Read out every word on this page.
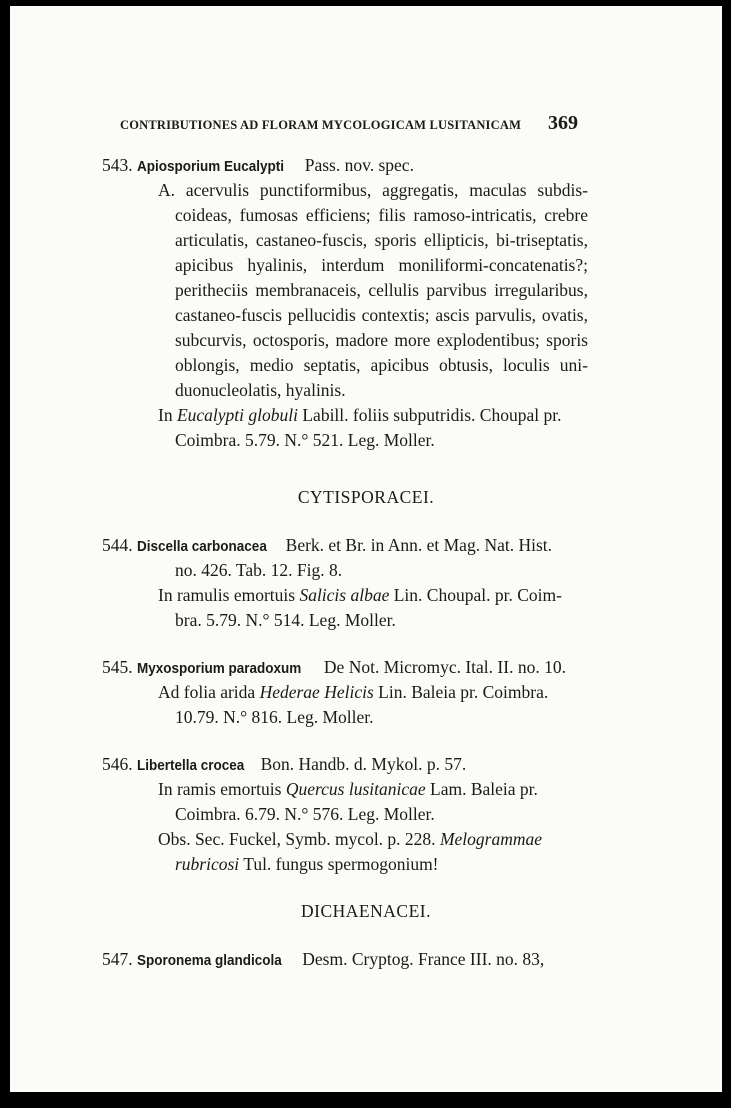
CONTRIBUTIONES AD FLORAM MYCOLOGICAM LUSITANICAM	369
543. Apiosporium Eucalypti Pass. nov. spec.
A. acervulis punctiformibus, aggregatis, maculas subdis-
coideas, fumosas efficiens; filis ramoso-intricatis, crebre
articulatis, castaneo-fuscis, sporis ellipticis, bi-triseptatis,
apicibus hyalinis, interdum moniliformi-concatenatis?;
peritheciis membranaceis, cellulis parvibus irregularibus,
castaneo-fuscis pellucidis contextis; ascis parvulis, ovatis,
subcurvis, octosporis, madore more explodentibus; sporis
oblongis, medio septatis, apicibus obtusis, loculis uni-
duonucleolatis, hyalinis.
In Eucalypti globuli Labill. foliis subputridis. Choupal pr.
Coimbra. 5.79. N.° 521. Leg. Moller.
CYTISPORACEI.
544. Discella carbonacea Berk. et Br. in Ann. et Mag. Nat. Hist.
no. 426. Tab. 12. Fig. 8.
In ramulis emortuis Salicis albae Lin. Choupal. pr. Coim-
bra. 5.79. N.° 514. Leg. Moller.
545. Myxosporium paradoxum De Not. Micromyc. Ital. II. no. 10.
Ad folia arida Hederae Helicis Lin. Baleia pr. Coimbra.
10.79. N.° 816. Leg. Moller.
546. Libertella crocea Bon. Handb. d. Mykol. p. 57.
In ramis emortuis Quercus lusitanicae Lam. Baleia pr.
Coimbra. 6.79. N.° 576. Leg. Moller.
Obs. Sec. Fuckel, Symb. mycol. p. 228. Melogrammae
rubricosi Tul. fungus spermogonium!
DICHAENACEI.
547. Sporonema glandicola Desm. Cryptog. France III. no. 83,
